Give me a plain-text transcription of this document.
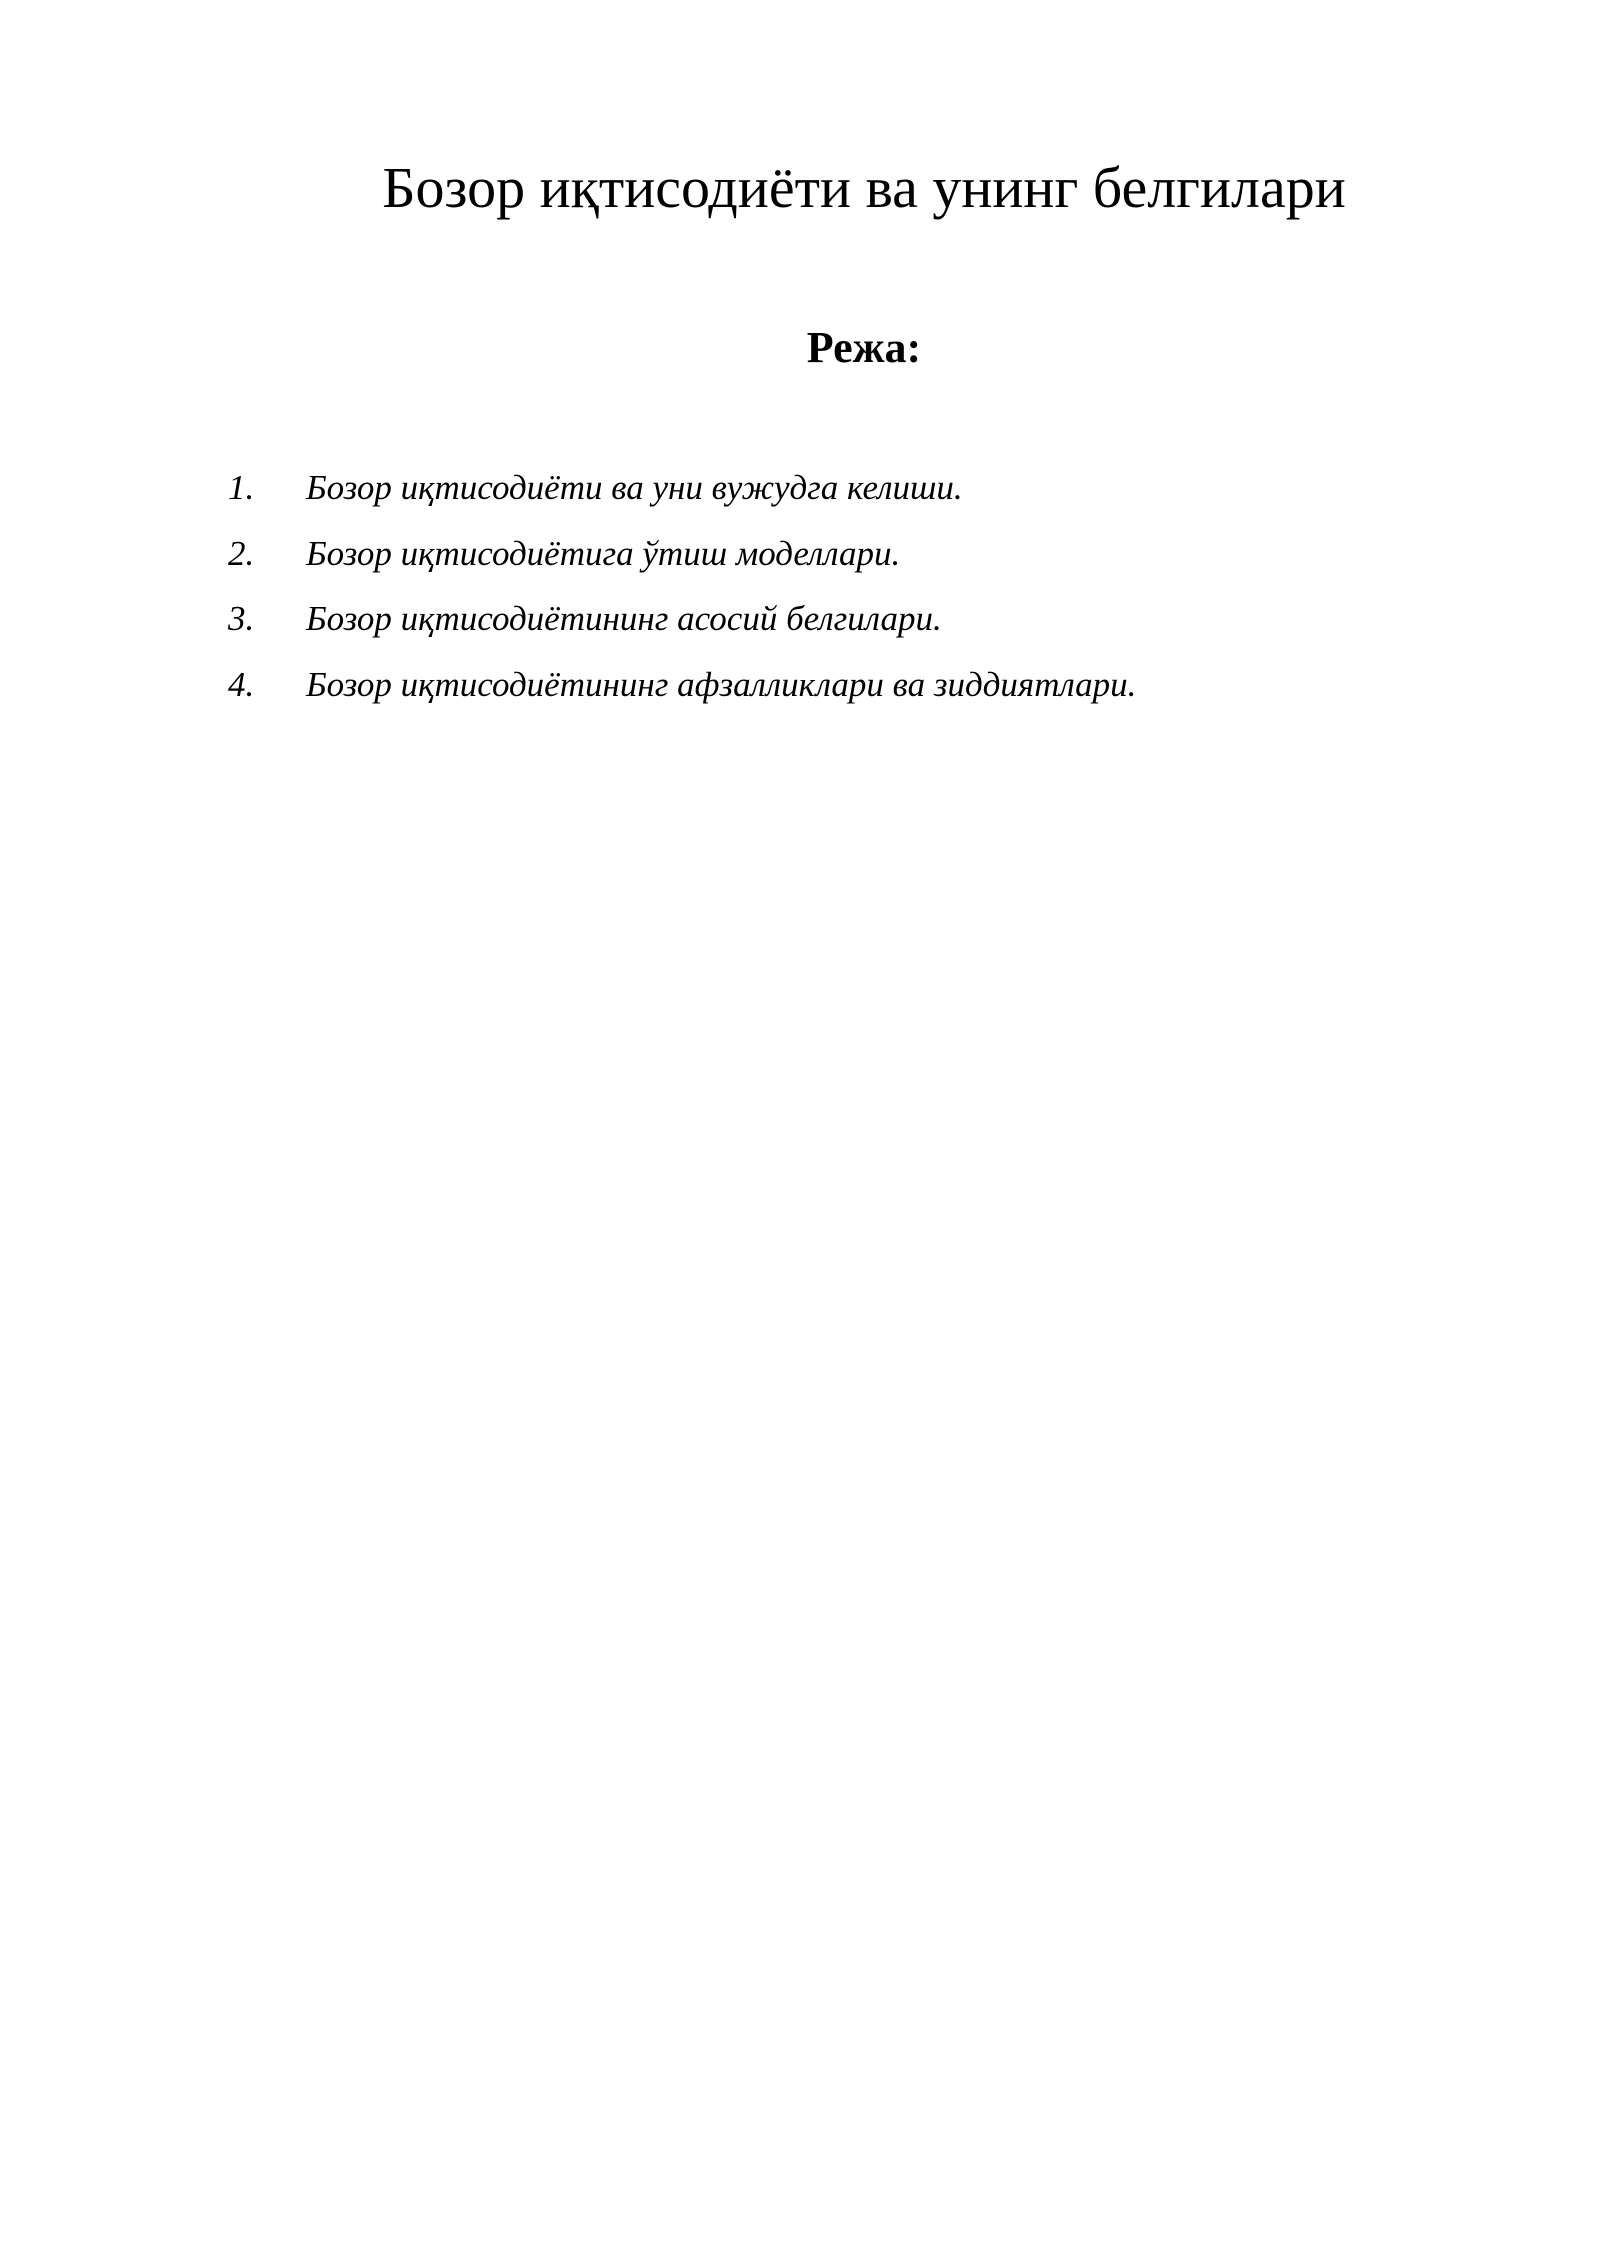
Бозор иқтисодиёти ва унинг белгилари
Режа:
1. Бозор иқтисодиёти ва уни вужудга келиши.
2. Бозор иқтисодиётига ўтиш моделлари.
3. Бозор иқтисодиётининг асосий белгилари.
4. Бозор иқтисодиётининг афзалликлари ва зиддиятлари.
